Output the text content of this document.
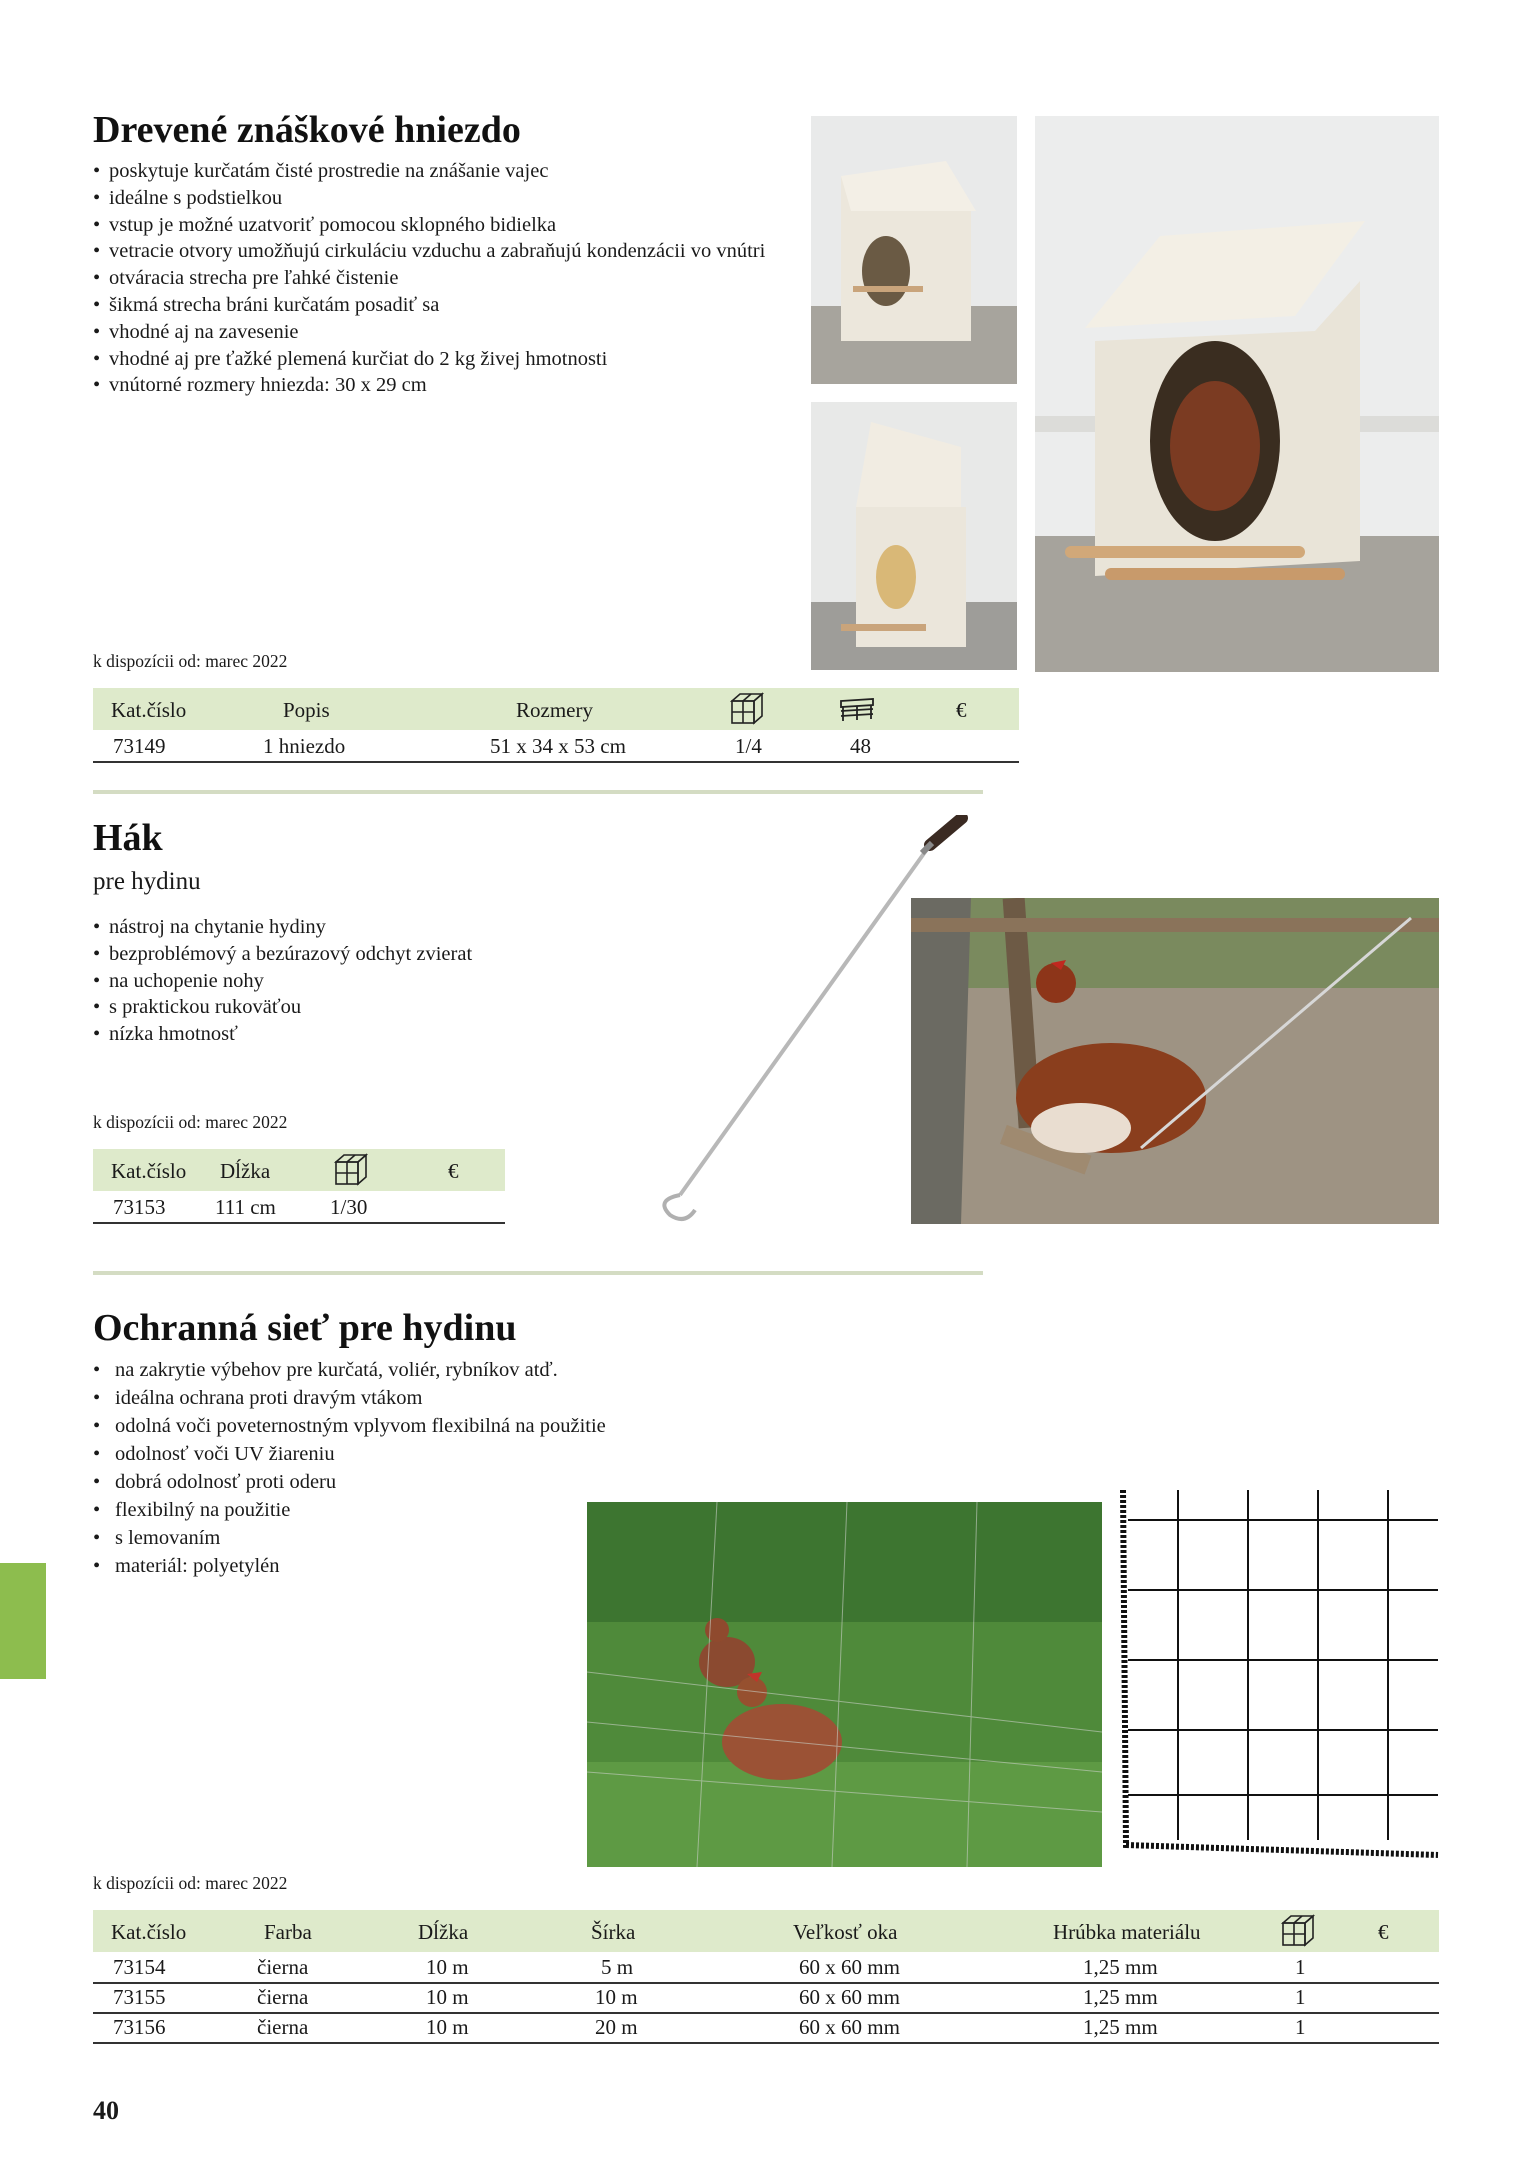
Drevené znáškové hniezdo
• poskytuje kurčatám čisté prostredie na znášanie vajec
• ideálne s podstielkou
• vstup je možné uzatvoriť pomocou sklopného bidielka
• vetracie otvory umožňujú cirkuláciu vzduchu a zabraňujú kondenzácii vo vnútri
• otváracia strecha pre ľahké čistenie
• šikmá strecha bráni kurčatám posadiť sa
• vhodné aj na zavesenie
• vhodné aj pre ťažké plemená kurčiat do 2 kg živej hmotnosti
• vnútorné rozmery hniezda: 30 x 29 cm
k dispozícii od: marec 2022
Kat.číslo	Popis	Rozmery	€
73149	1 hniezdo	51 x 34 x 53 cm	1/4	48
Hák
pre hydinu
• nástroj na chytanie hydiny
• bezproblémový a bezúrazový odchyt zvierat
• na uchopenie nohy
• s praktickou rukoväťou
• nízka hmotnosť
k dispozícii od: marec 2022
Kat.číslo Dĺžka	€
73153 111 cm	1/30
Ochranná sieť pre hydinu
• na zakrytie výbehov pre kurčatá, voliér, rybníkov atď.
• ideálna ochrana proti dravým vtákom
• odolná voči poveternostným vplyvom flexibilná na použitie
• odolnosť voči UV žiareniu
• dobrá odolnosť proti oderu
• flexibilný na použitie
• s lemovaním
• materiál: polyetylén
k dispozícii od: marec 2022
Kat.číslo	Farba	Dĺžka	Šírka	Veľkosť oka	Hrúbka materiálu	€
73154	čierna	10 m	5 m	60 x 60 mm	1,25 mm	1
73155	čierna	10 m	10 m	60 x 60 mm	1,25 mm	1
73156	čierna	10 m	20 m	60 x 60 mm	1,25 mm	1
40
